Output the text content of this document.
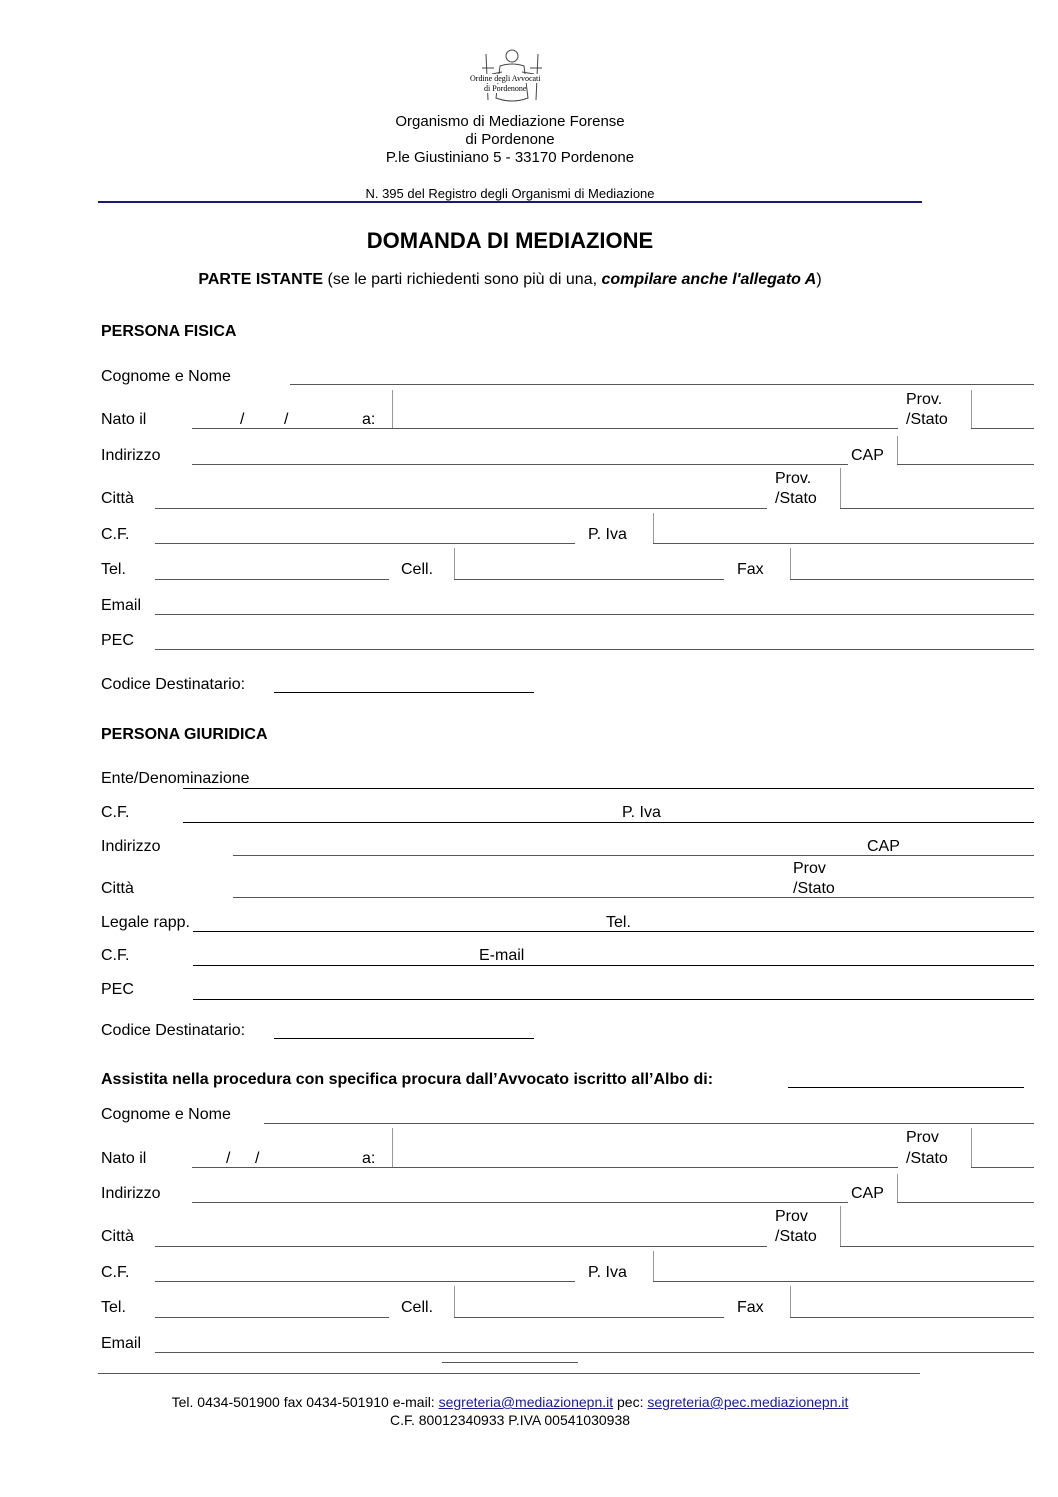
Ordine degli Avvocati
di Pordenone
Organismo di Mediazione Forense
di Pordenone
P.le Giustiniano 5 - 33170 Pordenone
N. 395 del Registro degli Organismi di Mediazione
DOMANDA DI MEDIAZIONE
PARTE ISTANTE (se le parti richiedenti sono più di una, compilare anche l'allegato A)
PERSONA FISICA
Cognome e Nome
Nato il	/ /	a:
Prov.
/Stato
Indirizzo	CAP
Città
Prov.
/Stato
C.F.	P. Iva
Tel.	Cell.	Fax
Email
PEC
Codice Destinatario:
PERSONA GIURIDICA
Ente/Denominazione
C.F.	P. Iva
Indirizzo	CAP
Città
Prov
/Stato
Legale rapp.	Tel.
C.F.	E-mail
PEC
Codice Destinatario:
Assistita nella procedura con specifica procura dall’Avvocato iscritto all’Albo di:
Cognome e Nome
Nato il	/ /	a:
Prov
/Stato
Indirizzo	CAP
Città
Prov
/Stato
C.F.	P. Iva
Tel.	Cell.	Fax
Email
Tel. 0434-501900 fax 0434-501910 e-mail: segreteria@mediazionepn.it pec: segreteria@pec.mediazionepn.it
C.F. 80012340933 P.IVA 00541030938
